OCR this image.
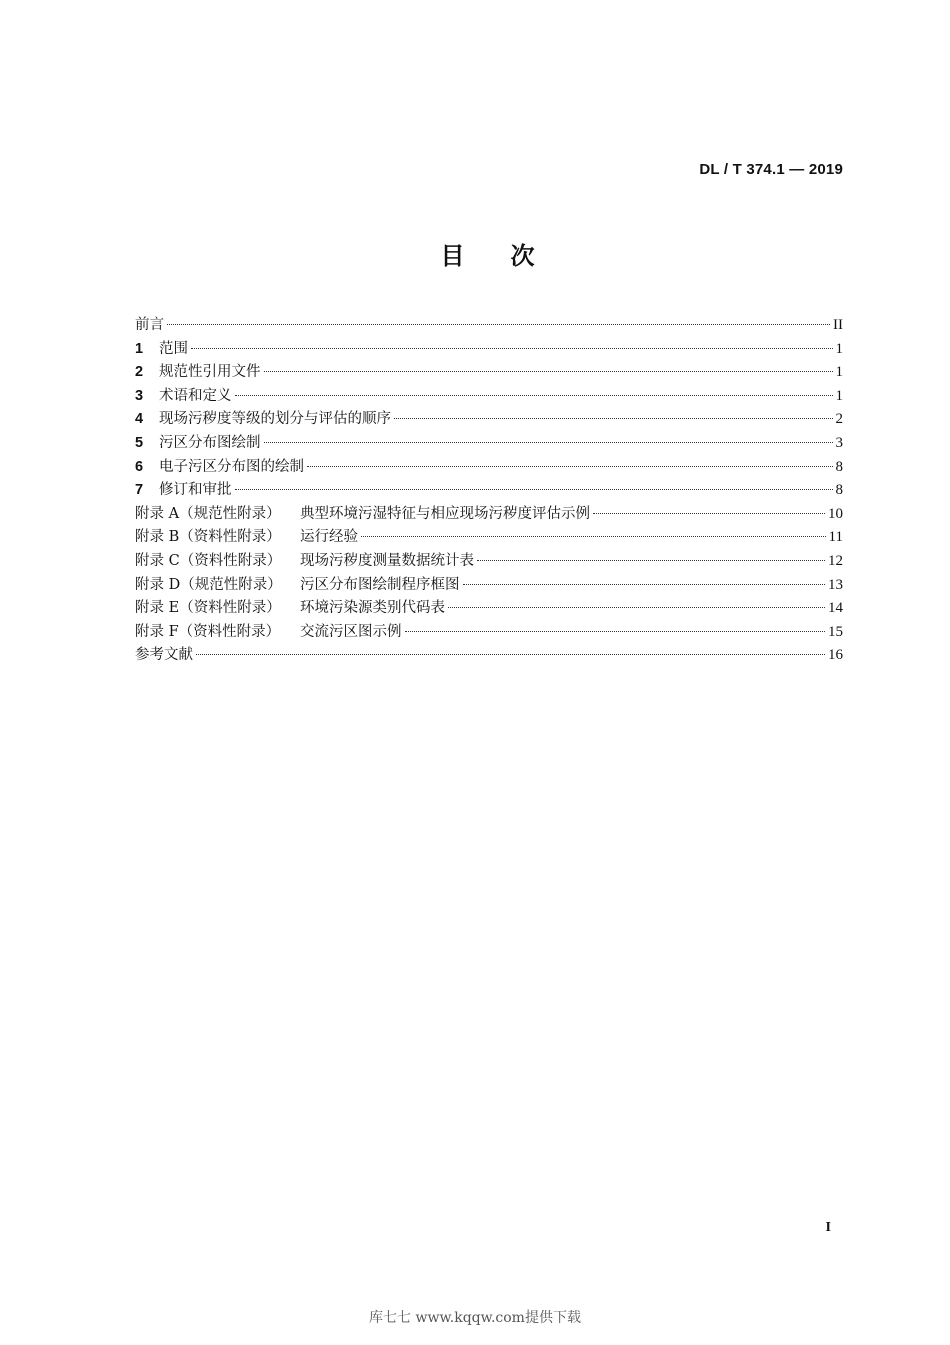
DL / T 374.1 — 2019
目 次
前言	II
1 范围	1
2 规范性引用文件	1
3 术语和定义	1
4 现场污秽度等级的划分与评估的顺序	2
5 污区分布图绘制	3
6 电子污区分布图的绘制	8
7 修订和审批	8
附录 A（规范性附录） 典型环境污湿特征与相应现场污秽度评估示例	10
附录 B（资料性附录） 运行经验	11
附录 C（资料性附录） 现场污秽度测量数据统计表	12
附录 D（规范性附录） 污区分布图绘制程序框图	13
附录 E（资料性附录） 环境污染源类别代码表	14
附录 F（资料性附录） 交流污区图示例	15
参考文献	16
I
库七七 www.kqqw.com提供下载
